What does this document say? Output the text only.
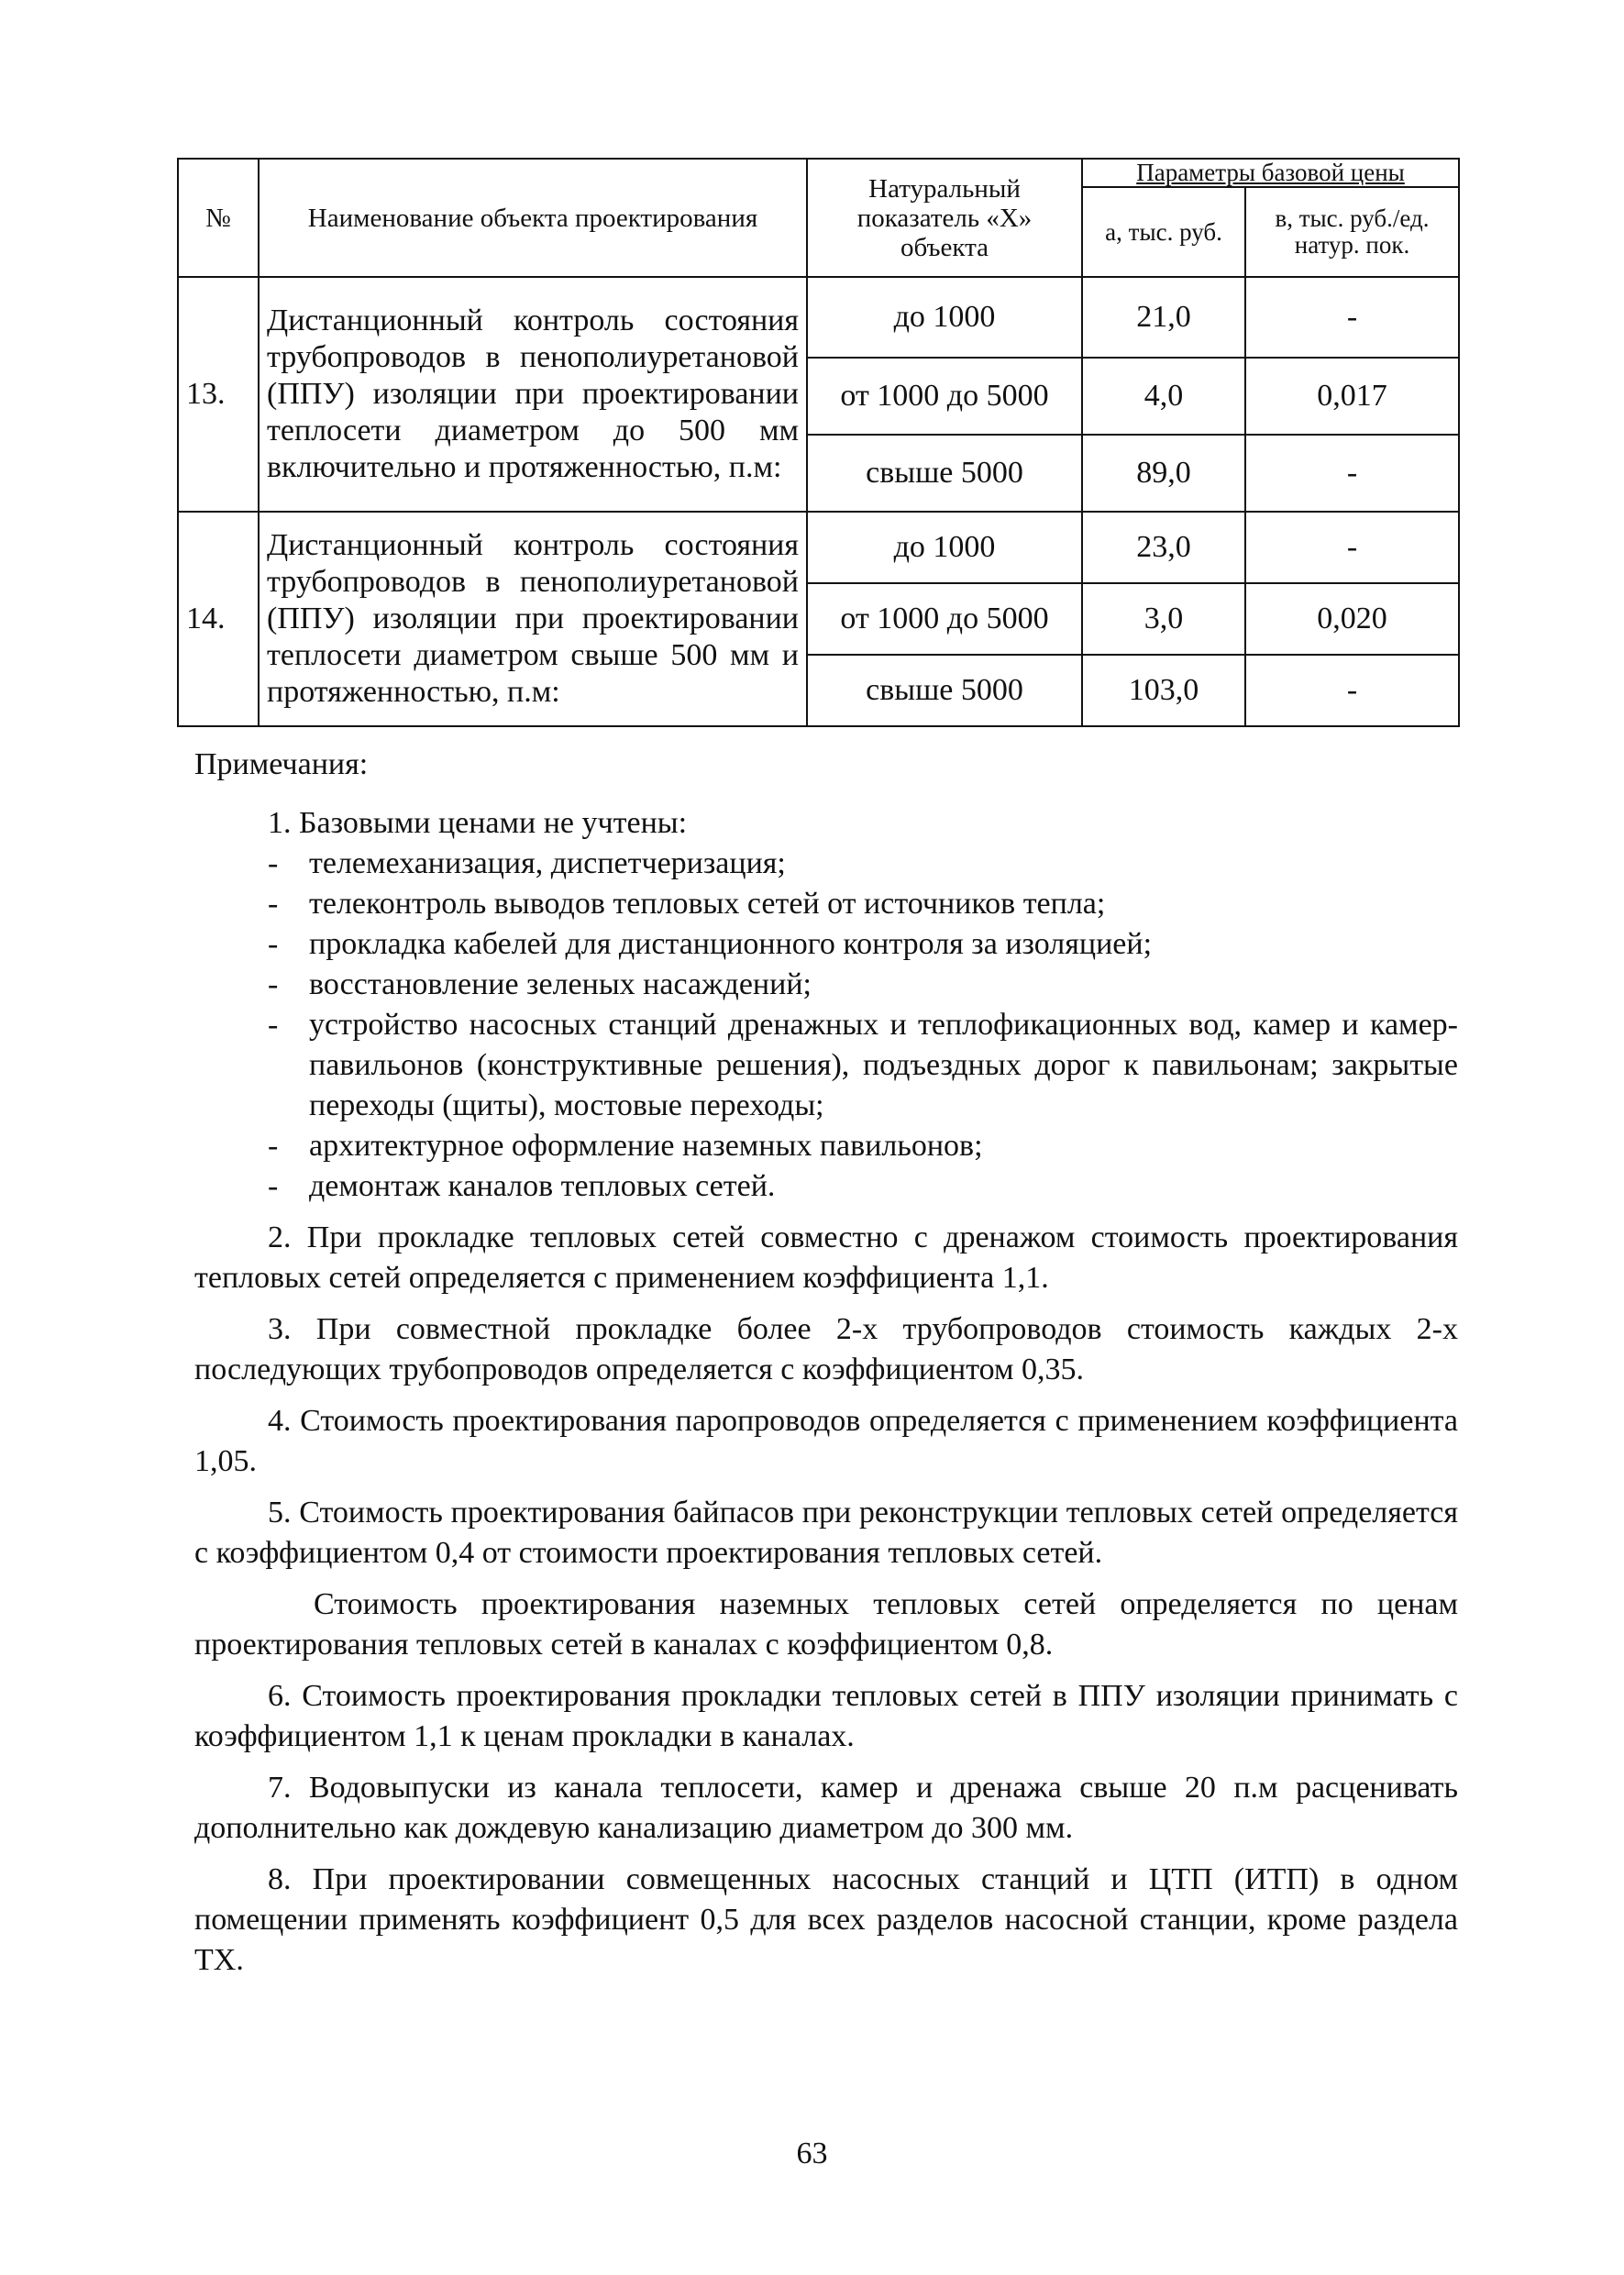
№	Наименование объекта проектирования	Натуральный показатель «X» объекта	Параметры базовой цены	
			а, тыс. руб.	в, тыс. руб./ед. натур. пок.
13.	Дистанционный контроль состояния трубопроводов в пенополиуретановой (ППУ) изоляции при проектировании теплосети диаметром до 500 мм включительно и протяженностью, п.м:	до 1000	21,0	-
		от 1000 до 5000	4,0	0,017
		свыше 5000	89,0	-
14.	Дистанционный контроль состояния трубопроводов в пенополиуретановой (ППУ) изоляции при проектировании теплосети диаметром свыше 500 мм и протяженностью, п.м:	до 1000	23,0	-
		от 1000 до 5000	3,0	0,020
		свыше 5000	103,0	-
Примечания:
1. Базовыми ценами не учтены:
- телемеханизация, диспетчеризация;
- телеконтроль выводов тепловых сетей от источников тепла;
- прокладка кабелей для дистанционного контроля за изоляцией;
- восстановление зеленых насаждений;
- устройство насосных станций дренажных и теплофикационных вод, камер и камер-павильонов (конструктивные решения), подъездных дорог к павильонам; закрытые переходы (щиты), мостовые переходы;
- архитектурное оформление наземных павильонов;
- демонтаж каналов тепловых сетей.

2. При прокладке тепловых сетей совместно с дренажом стоимость проектирования тепловых сетей определяется с применением коэффициента 1,1.

3. При совместной прокладке более 2-х трубопроводов стоимость каждых 2-х последующих трубопроводов определяется с коэффициентом 0,35.

4. Стоимость проектирования паропроводов определяется с применением коэффициента 1,05.

5. Стоимость проектирования байпасов при реконструкции тепловых сетей определяется с коэффициентом 0,4 от стоимости проектирования тепловых сетей.

Стоимость проектирования наземных тепловых сетей определяется по ценам проектирования тепловых сетей в каналах с коэффициентом 0,8.

6. Стоимость проектирования прокладки тепловых сетей в ППУ изоляции принимать с коэффициентом 1,1 к ценам прокладки в каналах.

7. Водовыпуски из канала теплосети, камер и дренажа свыше 20 п.м расценивать дополнительно как дождевую канализацию диаметром до 300 мм.

8. При проектировании совмещенных насосных станций и ЦТП (ИТП) в одном помещении применять коэффициент 0,5 для всех разделов насосной станции, кроме раздела ТХ.

63
